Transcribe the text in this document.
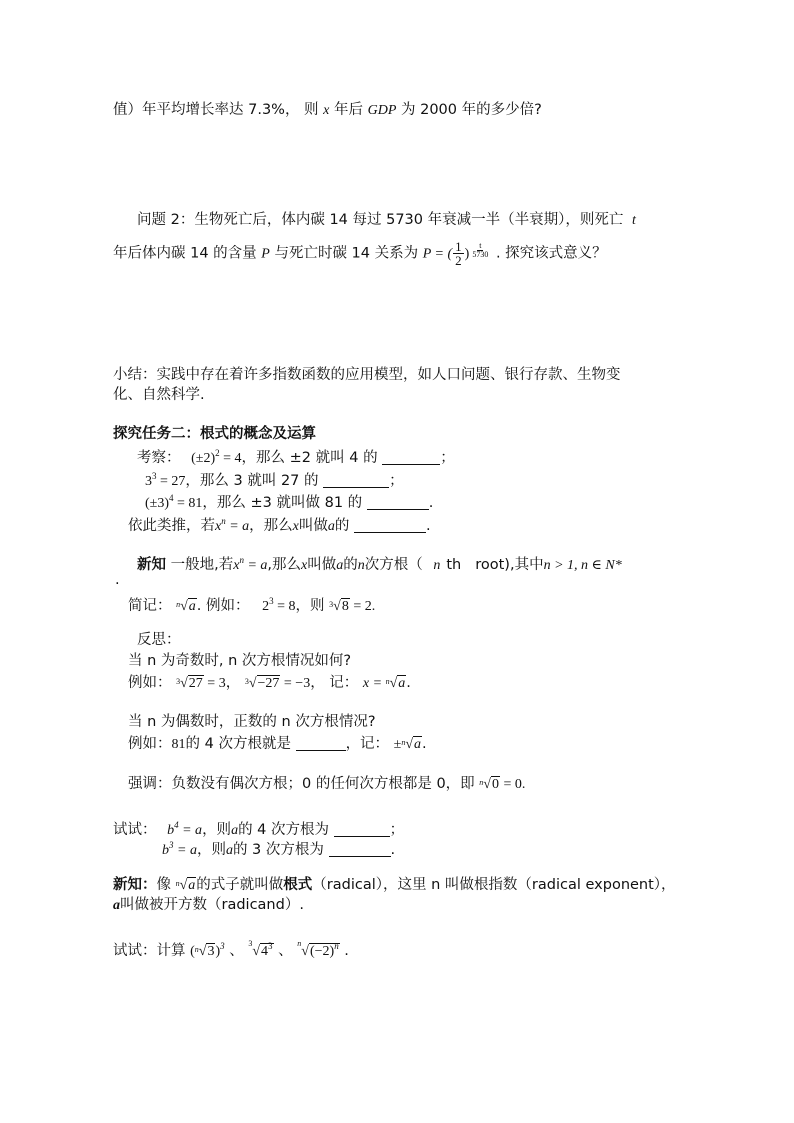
值）年平均增长率达 7.3%， 则 x 年后 GDP 为 2000 年的多少倍?
问题 2：生物死亡后，体内碳 14 每过 5730 年衰减一半（半衰期），则死亡 t
年后体内碳 14 的含量 P 与死亡时碳 14 关系为 P = ( $\frac{1}{2}$ ) $\frac{t}{5730}$ . 探究该式意义？
小结：实践中存在着许多指数函数的应用模型，如人口问题、银行存款、生物变
化、自然科学.
探究任务二：根式的概念及运算
考察： $(\pm 2)^2 = 4$，那么 ±2 就叫 4 的	；
$3^3 = 27$，那么 3 就叫 27 的	；
$(\pm 3)^4 = 81$，那么 ±3 就叫做 81 的	.
依此类推，若$x^n = a$，那么x叫做a的	.
新知 一般地,若$x^n = a$,那么x叫做a的n次方根（ n th root),其中n > 1, n ∈ N*
.
简记： n √a. 例如： $2^3 = 8$，则 3 √8 = 2.
反思：
当 n 为奇数时, n 次方根情况如何?
例如： 3 √27 = 3， 3 √−27 = −3， 记： x = n √a.
当 n 为偶数时，正数的 n 次方根情况?
例如：81的 4 次方根就是	，记： ± n √a.
强调：负数没有偶次方根；0 的任何次方根都是 0，即 n √0 = 0.
试试： $b^4 = a$，则a的 4 次方根为	；
$b^3 = a$，则a的 3 次方根为	.
新知：像 n √a的式子就叫做根式（radical），这里 n 叫做根指数（radical exponent），
a叫做被开方数（radicand）.
试试：计算 ( n √3)$^3$ 、 3
$√4^3$ 、 n
$√(-2)^n$ .
